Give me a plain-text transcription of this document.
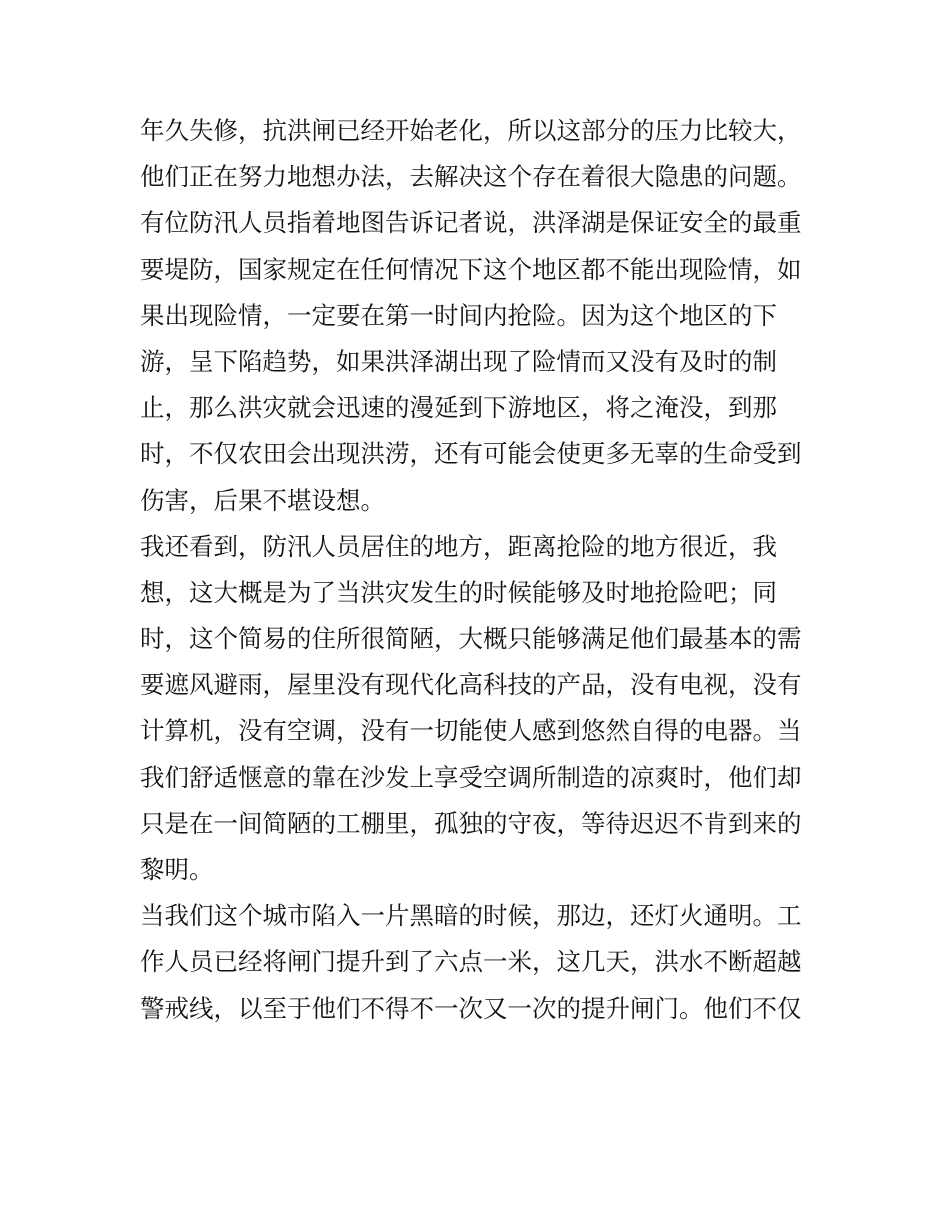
年久失修，抗洪闸已经开始老化，所以这部分的压力比较大，
他们正在努力地想办法，去解决这个存在着很大隐患的问题。
有位防汛人员指着地图告诉记者说，洪泽湖是保证安全的最重
要堤防，国家规定在任何情况下这个地区都不能出现险情，如
果出现险情，一定要在第一时间内抢险。因为这个地区的下
游，呈下陷趋势，如果洪泽湖出现了险情而又没有及时的制
止，那么洪灾就会迅速的漫延到下游地区，将之淹没，到那
时，不仅农田会出现洪涝，还有可能会使更多无辜的生命受到
伤害，后果不堪设想。
我还看到，防汛人员居住的地方，距离抢险的地方很近，我
想，这大概是为了当洪灾发生的时候能够及时地抢险吧；同
时，这个简易的住所很简陋，大概只能够满足他们最基本的需
要遮风避雨，屋里没有现代化高科技的产品，没有电视，没有
计算机，没有空调，没有一切能使人感到悠然自得的电器。当
我们舒适惬意的靠在沙发上享受空调所制造的凉爽时，他们却
只是在一间简陋的工棚里，孤独的守夜，等待迟迟不肯到来的
黎明。
当我们这个城市陷入一片黑暗的时候，那边，还灯火通明。工
作人员已经将闸门提升到了六点一米，这几天，洪水不断超越
警戒线，以至于他们不得不一次又一次的提升闸门。他们不仅
